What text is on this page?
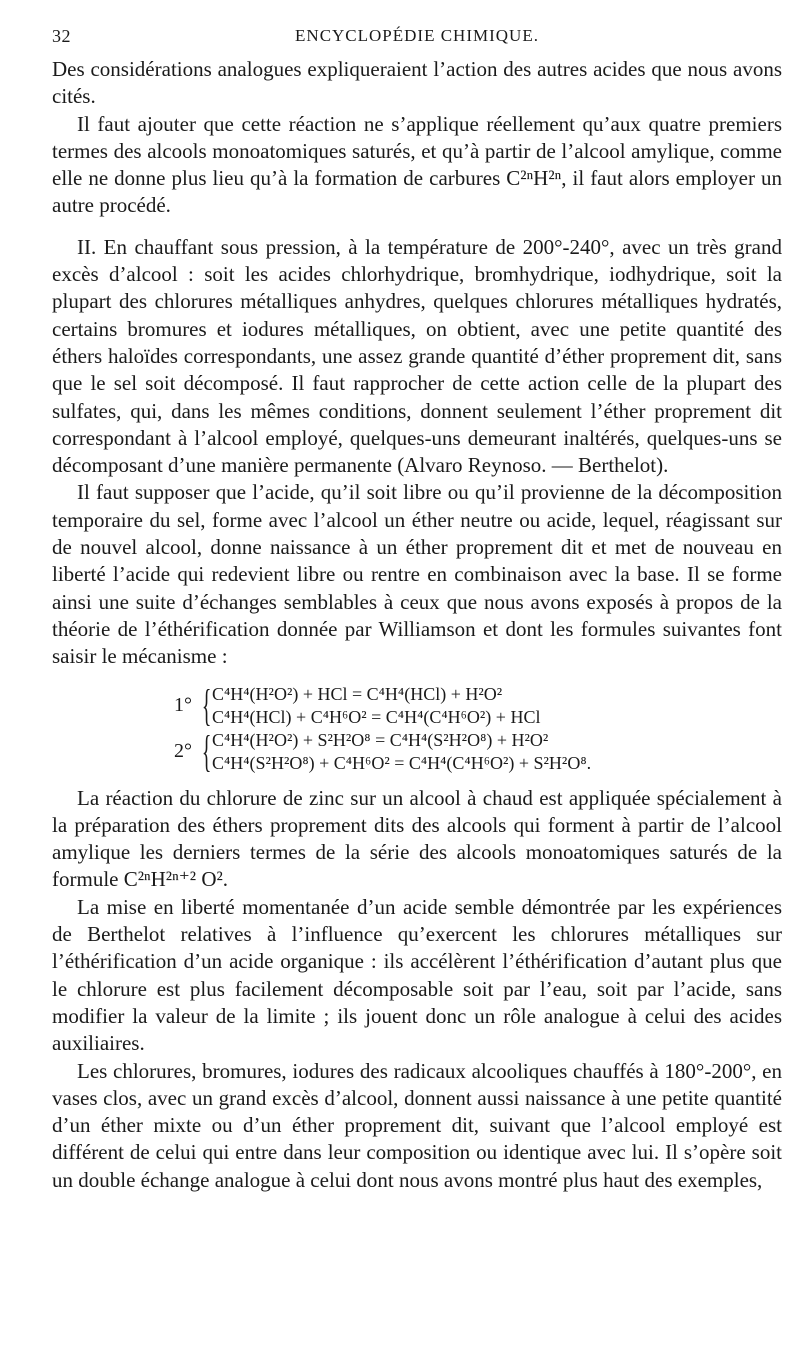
32	ENCYCLOPÉDIE CHIMIQUE.

Des considérations analogues expliqueraient l’action des autres acides que nous avons cités.

Il faut ajouter que cette réaction ne s’applique réellement qu’aux quatre premiers termes des alcools monoatomiques saturés, et qu’à partir de l’alcool amylique, comme elle ne donne plus lieu qu’à la formation de carbures C²ⁿH²ⁿ, il faut alors employer un autre procédé.

II. En chauffant sous pression, à la température de 200°-240°, avec un très grand excès d’alcool : soit les acides chlorhydrique, bromhydrique, iodhydrique, soit la plupart des chlorures métalliques anhydres, quelques chlorures métalliques hydratés, certains bromures et iodures métalliques, on obtient, avec une petite quantité des éthers haloïdes correspondants, une assez grande quantité d’éther proprement dit, sans que le sel soit décomposé. Il faut rapprocher de cette action celle de la plupart des sulfates, qui, dans les mêmes conditions, donnent seulement l’éther proprement dit correspondant à l’alcool employé, quelques-uns demeurant inaltérés, quelques-uns se décomposant d’une manière permanente (Alvaro Reynoso. — Berthelot).

Il faut supposer que l’acide, qu’il soit libre ou qu’il provienne de la décomposition temporaire du sel, forme avec l’alcool un éther neutre ou acide, lequel, réagissant sur de nouvel alcool, donne naissance à un éther proprement dit et met de nouveau en liberté l’acide qui redevient libre ou rentre en combinaison avec la base. Il se forme ainsi une suite d’échanges semblables à ceux que nous avons exposés à propos de la théorie de l’éthérification donnée par Williamson et dont les formules suivantes font saisir le mécanisme :

1° { C⁴H⁴(H²O²) + HCl = C⁴H⁴(HCl) + H²O²
C⁴H⁴(HCl) + C⁴H⁶O² = C⁴H⁴(C⁴H⁶O²) + HCl
2° { C⁴H⁴(H²O²) + S²H²O⁸ = C⁴H⁴(S²H²O⁸) + H²O²
C⁴H⁴(S²H²O⁸) + C⁴H⁶O² = C⁴H⁴(C⁴H⁶O²) + S²H²O⁸.

La réaction du chlorure de zinc sur un alcool à chaud est appliquée spécialement à la préparation des éthers proprement dits des alcools qui forment à partir de l’alcool amylique les derniers termes de la série des alcools monoatomiques saturés de la formule C²ⁿH²ⁿ⁺² O².

La mise en liberté momentanée d’un acide semble démontrée par les expériences de Berthelot relatives à l’influence qu’exercent les chlorures métalliques sur l’éthérification d’un acide organique : ils accélèrent l’éthérification d’autant plus que le chlorure est plus facilement décomposable soit par l’eau, soit par l’acide, sans modifier la valeur de la limite ; ils jouent donc un rôle analogue à celui des acides auxiliaires.

Les chlorures, bromures, iodures des radicaux alcooliques chauffés à 180°-200°, en vases clos, avec un grand excès d’alcool, donnent aussi naissance à une petite quantité d’un éther mixte ou d’un éther proprement dit, suivant que l’alcool employé est différent de celui qui entre dans leur composition ou identique avec lui. Il s’opère soit un double échange analogue à celui dont nous avons montré plus haut des exemples,
